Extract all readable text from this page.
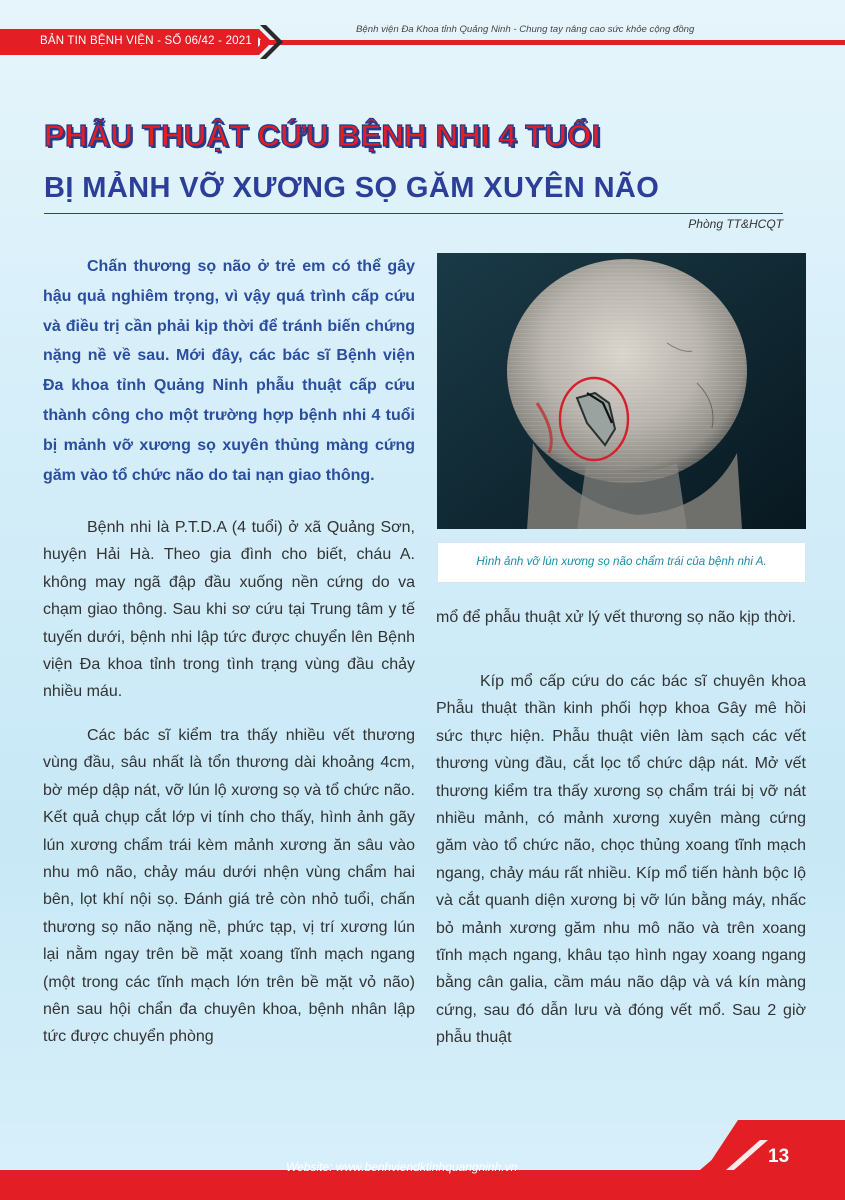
BẢN TIN BỆNH VIỆN - SỐ 06/42 - 2021
Bệnh viện Đa Khoa tỉnh Quảng Ninh - Chung tay nâng cao sức khỏe cộng đồng
PHẪU THUẬT CỨU BỆNH NHI 4 TUỔI
BỊ MẢNH VỠ XƯƠNG SỌ GĂM XUYÊN NÃO
Phòng TT&HCQT

Chấn thương sọ não ở trẻ em có thể gây hậu quả nghiêm trọng, vì vậy quá trình cấp cứu và điều trị cần phải kịp thời để tránh biến chứng nặng nề về sau. Mới đây, các bác sĩ Bệnh viện Đa khoa tỉnh Quảng Ninh phẫu thuật cấp cứu thành công cho một trường hợp bệnh nhi 4 tuổi bị mảnh vỡ xương sọ xuyên thủng màng cứng găm vào tổ chức não do tai nạn giao thông.

Bệnh nhi là P.T.D.A (4 tuổi) ở xã Quảng Sơn, huyện Hải Hà. Theo gia đình cho biết, cháu A. không may ngã đập đầu xuống nền cứng do va chạm giao thông. Sau khi sơ cứu tại Trung tâm y tế tuyến dưới, bệnh nhi lập tức được chuyển lên Bệnh viện Đa khoa tỉnh trong tình trạng vùng đầu chảy nhiều máu.

Các bác sĩ kiểm tra thấy nhiều vết thương vùng đầu, sâu nhất là tổn thương dài khoảng 4cm, bờ mép dập nát, vỡ lún lộ xương sọ và tổ chức não. Kết quả chụp cắt lớp vi tính cho thấy, hình ảnh gãy lún xương chẩm trái kèm mảnh xương ăn sâu vào nhu mô não, chảy máu dưới nhện vùng chẩm hai bên, lọt khí nội sọ. Đánh giá trẻ còn nhỏ tuổi, chấn thương sọ não nặng nề, phức tạp, vị trí xương lún lại nằm ngay trên bề mặt xoang tĩnh mạch ngang (một trong các tĩnh mạch lớn trên bề mặt vỏ não) nên sau hội chẩn đa chuyên khoa, bệnh nhân lập tức được chuyển phòng

Hình ảnh vỡ lún xương sọ não chẩm trái của bệnh nhi A.

mổ để phẫu thuật xử lý vết thương sọ não kịp thời.

Kíp mổ cấp cứu do các bác sĩ chuyên khoa Phẫu thuật thần kinh phối hợp khoa Gây mê hồi sức thực hiện. Phẫu thuật viên làm sạch các vết thương vùng đầu, cắt lọc tổ chức dập nát. Mở vết thương kiểm tra thấy xương sọ chẩm trái bị vỡ nát nhiều mảnh, có mảnh xương xuyên màng cứng găm vào tổ chức não, chọc thủng xoang tĩnh mạch ngang, chảy máu rất nhiều. Kíp mổ tiến hành bộc lộ và cắt quanh diện xương bị vỡ lún bằng máy, nhấc bỏ mảnh xương găm nhu mô não và trên xoang tĩnh mạch ngang, khâu tạo hình ngay xoang ngang bằng cân galia, cầm máu não dập và vá kín màng cứng, sau đó dẫn lưu và đóng vết mổ. Sau 2 giờ phẫu thuật

Website: www.benhviendktinhquangninh.vn	13
